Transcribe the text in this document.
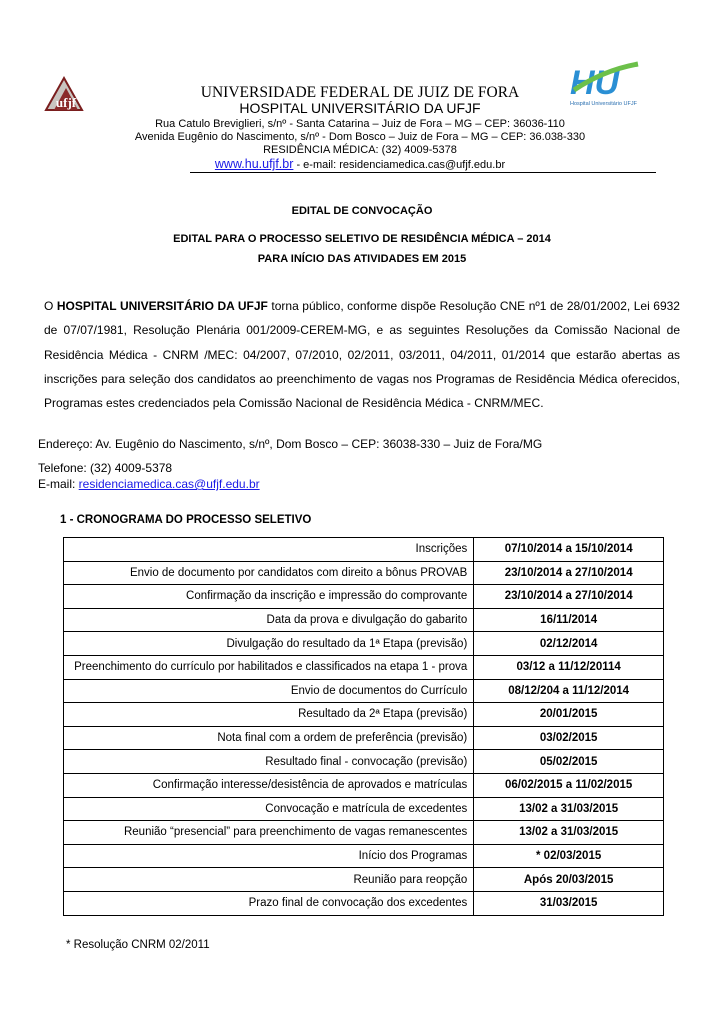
ufjf
HU
Hospital Universitário UFJF
UNIVERSIDADE FEDERAL DE JUIZ DE FORA
HOSPITAL UNIVERSITÁRIO DA UFJF
Rua Catulo Breviglieri, s/nº - Santa Catarina – Juiz de Fora – MG – CEP: 36036-110
Avenida Eugênio do Nascimento, s/nº - Dom Bosco – Juiz de Fora – MG – CEP: 36.038-330
RESIDÊNCIA MÉDICA: (32) 4009-5378
www.hu.ufjf.br - e-mail: residenciamedica.cas@ufjf.edu.br
EDITAL DE CONVOCAÇÃO
EDITAL PARA O PROCESSO SELETIVO DE RESIDÊNCIA MÉDICA – 2014
PARA INÍCIO DAS ATIVIDADES EM 2015
O HOSPITAL UNIVERSITÁRIO DA UFJF torna público, conforme dispõe Resolução CNE nº1 de 28/01/2002, Lei 6932 de 07/07/1981, Resolução Plenária 001/2009-CEREM-MG, e as seguintes Resoluções da Comissão Nacional de Residência Médica - CNRM /MEC: 04/2007, 07/2010, 02/2011, 03/2011, 04/2011, 01/2014 que estarão abertas as inscrições para seleção dos candidatos ao preenchimento de vagas nos Programas de Residência Médica oferecidos, Programas estes credenciados pela Comissão Nacional de Residência Médica - CNRM/MEC.
Endereço: Av. Eugênio do Nascimento, s/nº, Dom Bosco – CEP: 36038-330 – Juiz de Fora/MG
Telefone: (32) 4009-5378
E-mail: residenciamedica.cas@ufjf.edu.br
1 - CRONOGRAMA DO PROCESSO SELETIVO
Inscrições	07/10/2014 a 15/10/2014
Envio de documento por candidatos com direito a bônus PROVAB	23/10/2014 a 27/10/2014
Confirmação da inscrição e impressão do comprovante	23/10/2014 a 27/10/2014
Data da prova e divulgação do gabarito	16/11/2014
Divulgação do resultado da 1ª Etapa (previsão)	02/12/2014
Preenchimento do currículo por habilitados e classificados na etapa 1 - prova	03/12 a 11/12/20114
Envio de documentos do Currículo	08/12/204 a 11/12/2014
Resultado da 2ª Etapa (previsão)	20/01/2015
Nota final com a ordem de preferência (previsão)	03/02/2015
Resultado final - convocação (previsão)	05/02/2015
Confirmação interesse/desistência de aprovados e matrículas	06/02/2015 a 11/02/2015
Convocação e matrícula de excedentes	13/02 a 31/03/2015
Reunião “presencial” para preenchimento de vagas remanescentes	13/02 a 31/03/2015
Início dos Programas	* 02/03/2015
Reunião para reopção	Após 20/03/2015
Prazo final de convocação dos excedentes	31/03/2015
* Resolução CNRM 02/2011
